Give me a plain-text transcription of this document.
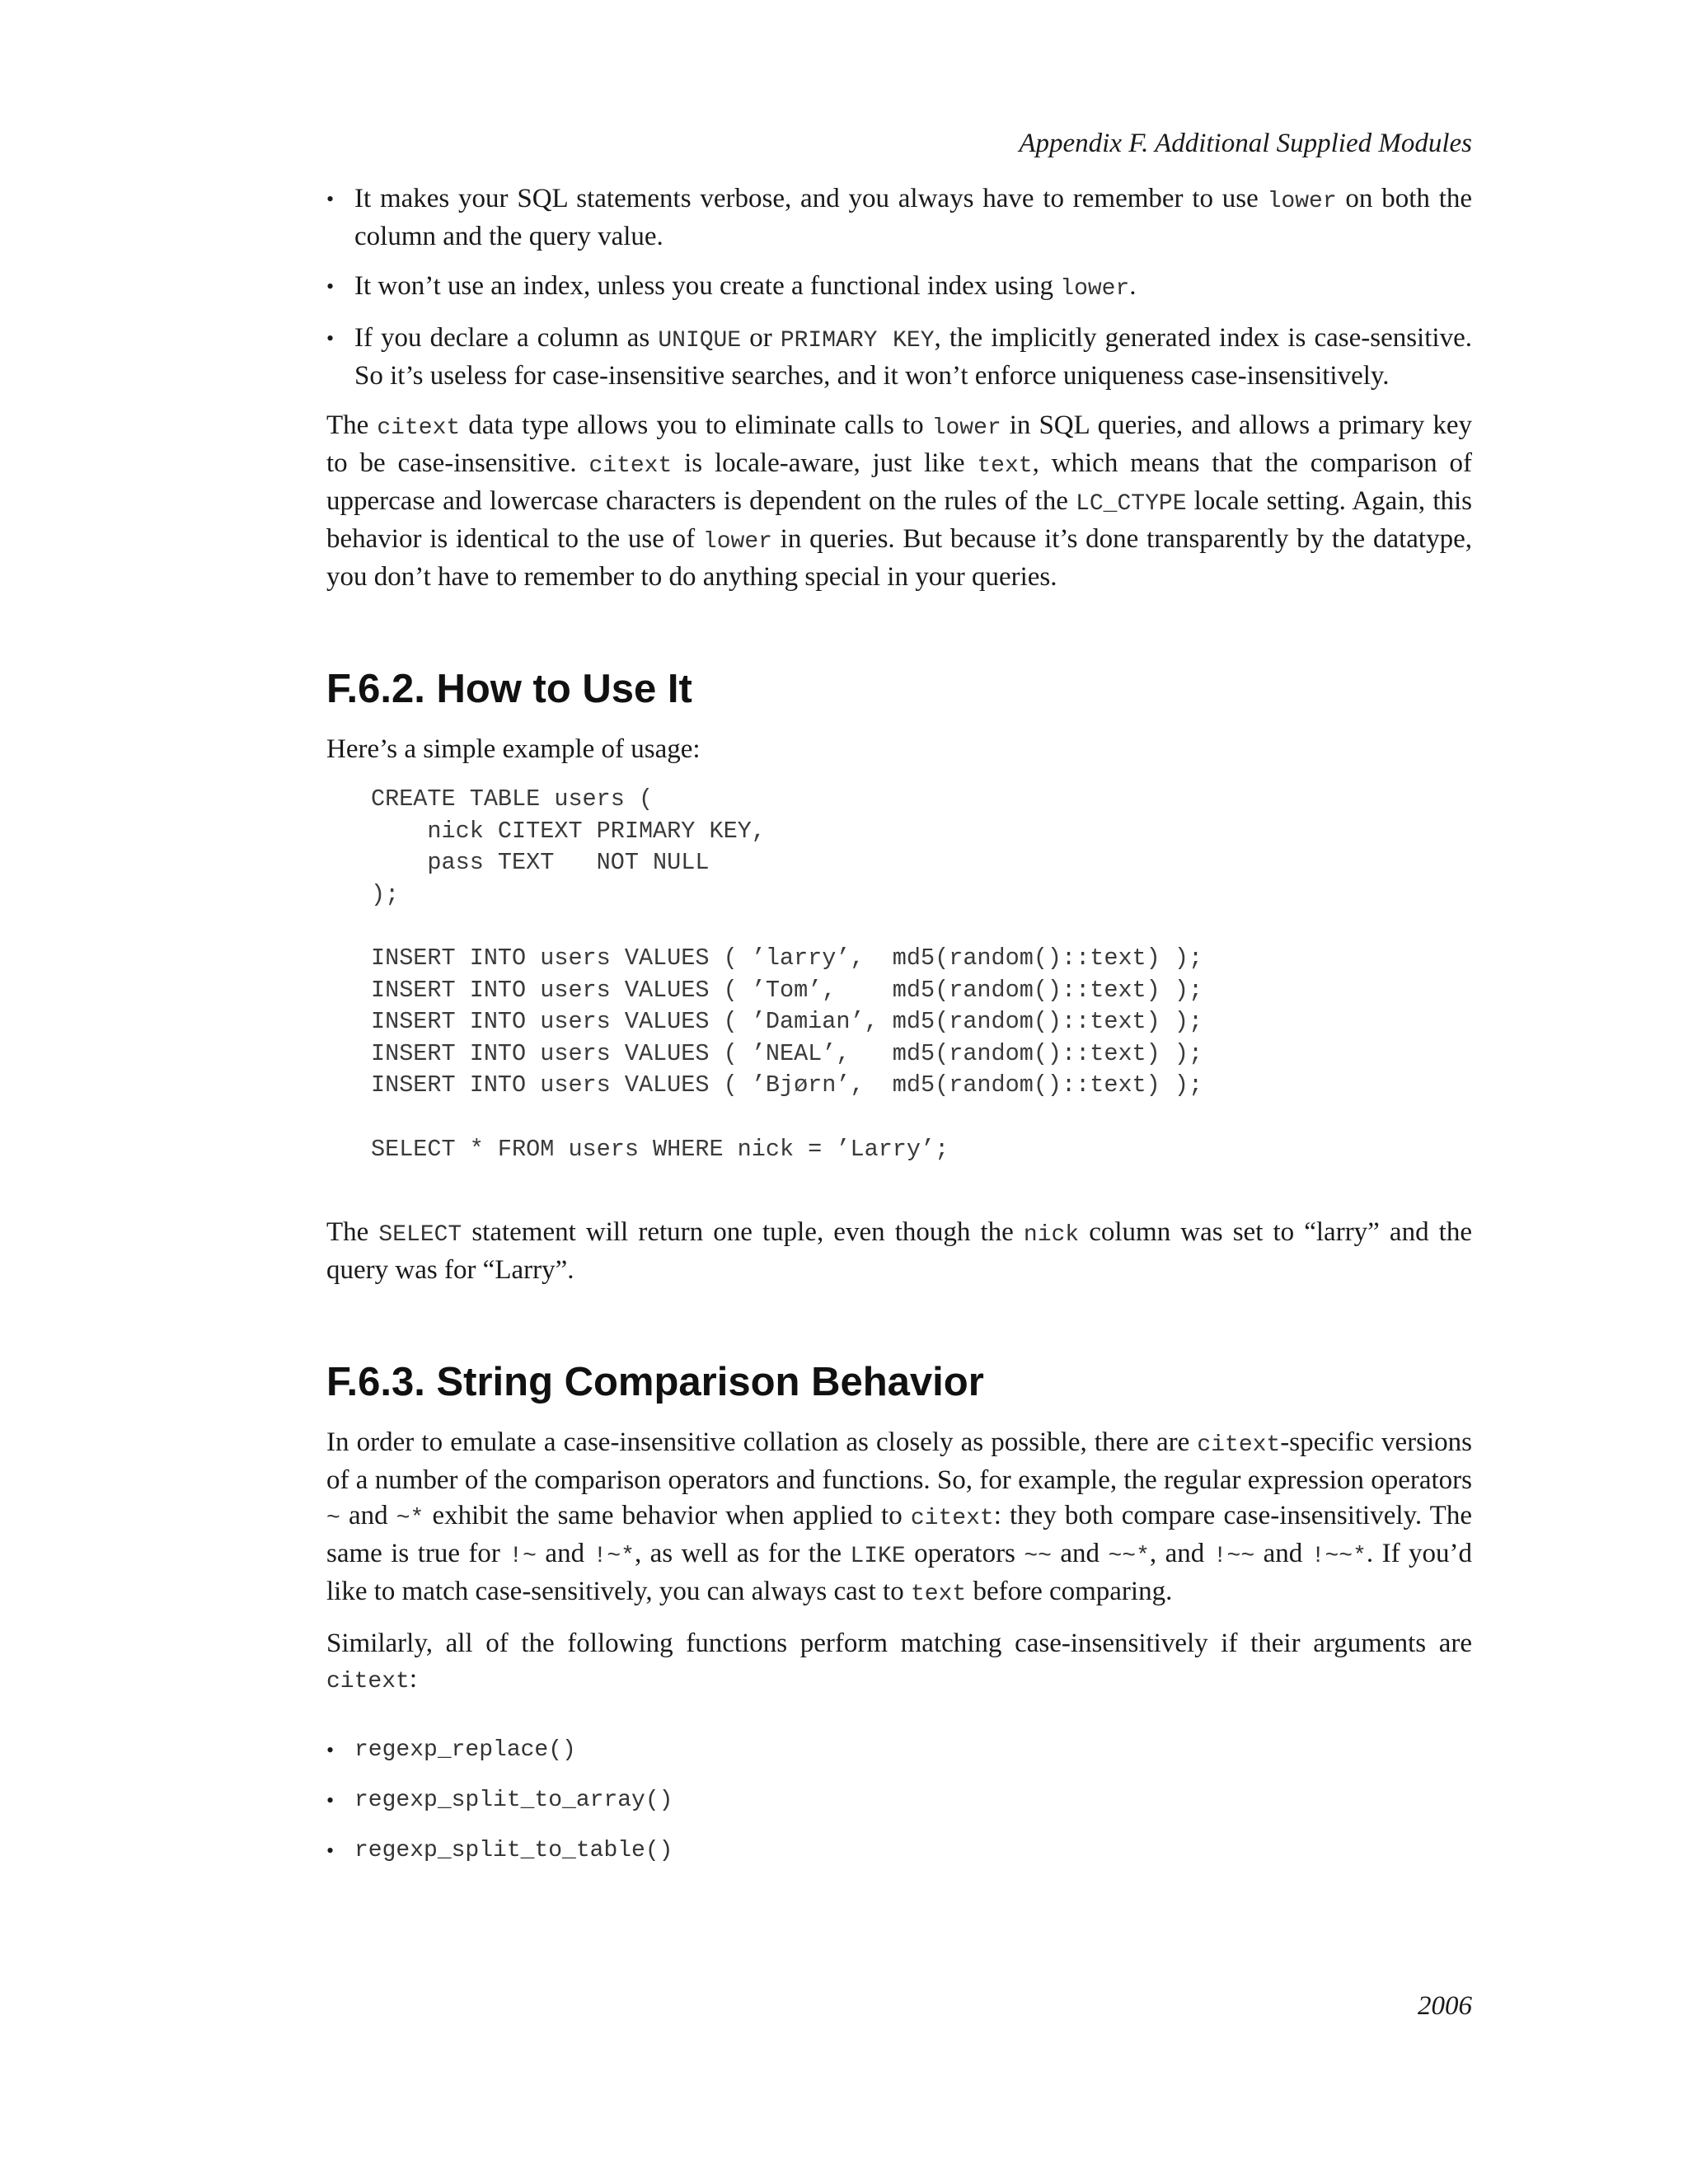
Appendix F. Additional Supplied Modules
• It makes your SQL statements verbose, and you always have to remember to use lower on both the column and the query value.
• It won’t use an index, unless you create a functional index using lower.
• If you declare a column as UNIQUE or PRIMARY KEY, the implicitly generated index is case-sensitive. So it’s useless for case-insensitive searches, and it won’t enforce uniqueness case-insensitively.

The citext data type allows you to eliminate calls to lower in SQL queries, and allows a primary key to be case-insensitive. citext is locale-aware, just like text, which means that the comparison of uppercase and lowercase characters is dependent on the rules of the LC_CTYPE locale setting. Again, this behavior is identical to the use of lower in queries. But because it’s done transparently by the datatype, you don’t have to remember to do anything special in your queries.

F.6.2. How to Use It

Here’s a simple example of usage:

CREATE TABLE users (
nick CITEXT PRIMARY KEY,
pass TEXT   NOT NULL
);

INSERT INTO users VALUES ( ’larry’,  md5(random()::text) );
INSERT INTO users VALUES ( ’Tom’,    md5(random()::text) );
INSERT INTO users VALUES ( ’Damian’, md5(random()::text) );
INSERT INTO users VALUES ( ’NEAL’,   md5(random()::text) );
INSERT INTO users VALUES ( ’Bjørn’,  md5(random()::text) );

SELECT * FROM users WHERE nick = ’Larry’;

The SELECT statement will return one tuple, even though the nick column was set to “larry” and the query was for “Larry”.

F.6.3. String Comparison Behavior

In order to emulate a case-insensitive collation as closely as possible, there are citext-specific versions of a number of the comparison operators and functions. So, for example, the regular expression operators ~ and ~* exhibit the same behavior when applied to citext: they both compare case-insensitively. The same is true for !~ and !~*, as well as for the LIKE operators ~~ and ~~*, and !~~ and !~~*. If you’d like to match case-sensitively, you can always cast to text before comparing.

Similarly, all of the following functions perform matching case-insensitively if their arguments are citext:

• regexp_replace()
• regexp_split_to_array()
• regexp_split_to_table()
2006
